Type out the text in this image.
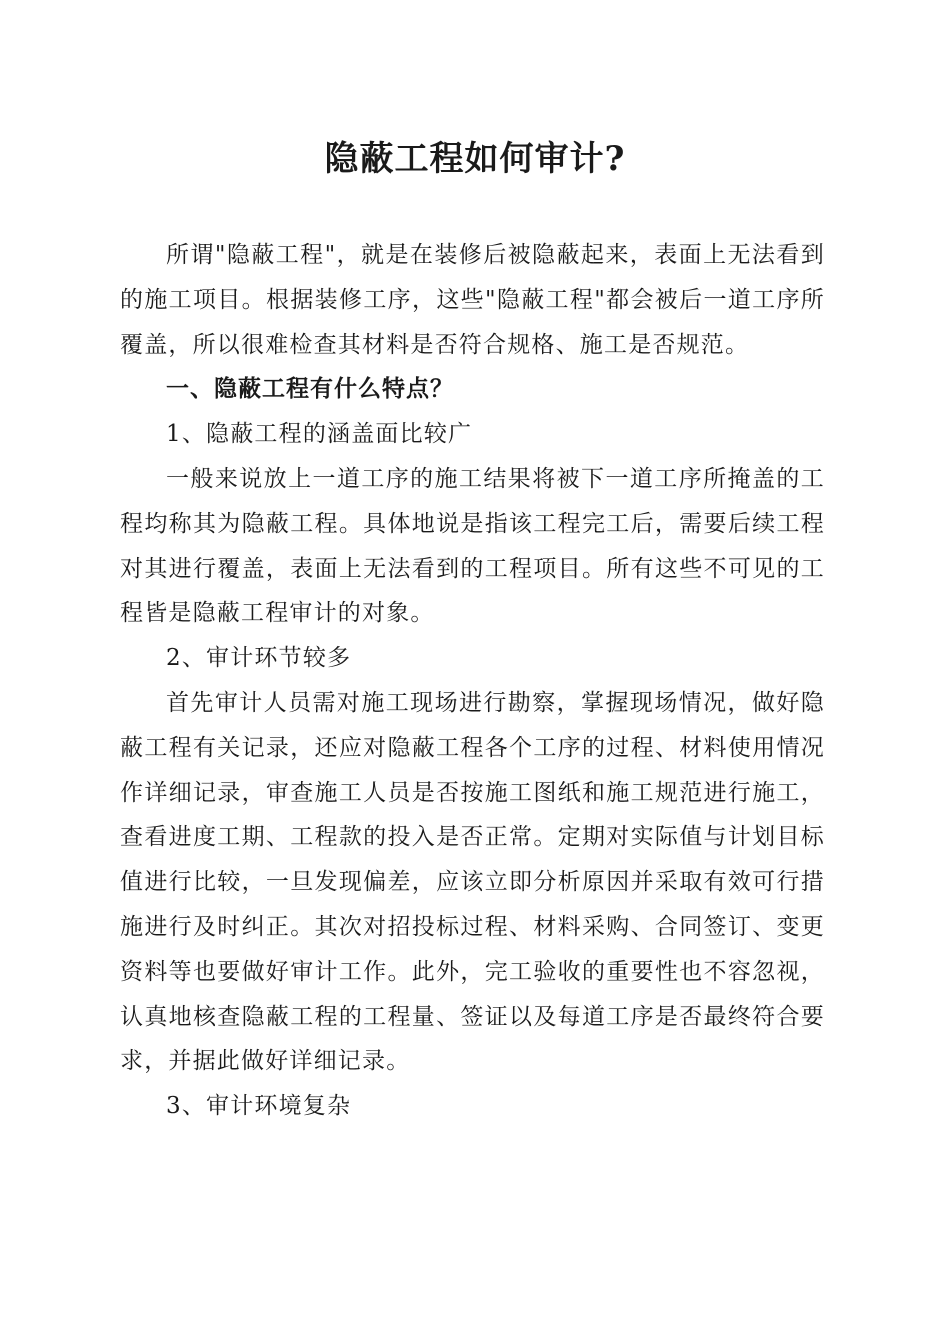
隐蔽工程如何审计?

所谓"隐蔽工程"，就是在装修后被隐蔽起来，表面上无法看到的施工项目。根据装修工序，这些"隐蔽工程"都会被后一道工序所覆盖，所以很难检查其材料是否符合规格、施工是否规范。

一、隐蔽工程有什么特点？

1、隐蔽工程的涵盖面比较广

一般来说放上一道工序的施工结果将被下一道工序所掩盖的工程均称其为隐蔽工程。具体地说是指该工程完工后，需要后续工程对其进行覆盖，表面上无法看到的工程项目。所有这些不可见的工程皆是隐蔽工程审计的对象。

2、审计环节较多

首先审计人员需对施工现场进行勘察，掌握现场情况，做好隐蔽工程有关记录，还应对隐蔽工程各个工序的过程、材料使用情况作详细记录，审查施工人员是否按施工图纸和施工规范进行施工，查看进度工期、工程款的投入是否正常。定期对实际值与计划目标值进行比较，一旦发现偏差，应该立即分析原因并采取有效可行措施进行及时纠正。其次对招投标过程、材料采购、合同签订、变更资料等也要做好审计工作。此外，完工验收的重要性也不容忽视，认真地核查隐蔽工程的工程量、签证以及每道工序是否最终符合要求，并据此做好详细记录。

3、审计环境复杂
